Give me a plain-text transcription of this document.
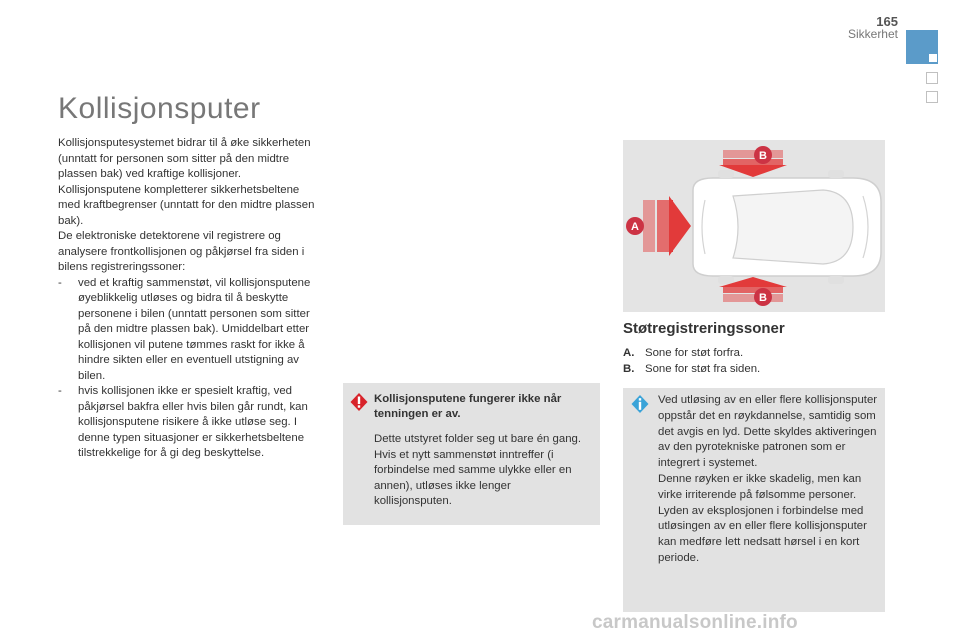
165
Sikkerhet
Kollisjonsputer

Kollisjonsputesystemet bidrar til å øke sikkerheten (unntatt for personen som sitter på den midtre plassen bak) ved kraftige kollisjoner. Kollisjonsputene kompletterer sikkerhetsbeltene med kraftbegrenser (unntatt for den midtre plassen bak).

De elektroniske detektorene vil registrere og analysere frontkollisjonen og påkjørsel fra siden i bilens registreringssoner:

- ved et kraftig sammenstøt, vil kollisjonsputene øyeblikkelig utløses og bidra til å beskytte personene i bilen (unntatt personen som sitter på den midtre plassen bak). Umiddelbart etter kollisjonen vil putene tømmes raskt for ikke å hindre sikten eller en eventuell utstigning av bilen.
- hvis kollisjonen ikke er spesielt kraftig, ved påkjørsel bakfra eller hvis bilen går rundt, kan kollisjonsputene risikere å ikke utløse seg. I denne typen situasjoner er sikkerhetsbeltene tilstrekkelige for å gi deg beskyttelse.
Kollisjonsputene fungerer ikke når tenningen er av.
Dette utstyret folder seg ut bare én gang. Hvis et nytt sammenstøt inntreffer (i forbindelse med samme ulykke eller en annen), utløses ikke lenger kollisjonsputen.
A
B
B
Støtregistreringssoner
A. Sone for støt forfra.
B. Sone for støt fra siden.
Ved utløsing av en eller flere kollisjonsputer oppstår det en røykdannelse, samtidig som det avgis en lyd. Dette skyldes aktiveringen av den pyrotekniske patronen som er integrert i systemet.
Denne røyken er ikke skadelig, men kan virke irriterende på følsomme personer.
Lyden av eksplosjonen i forbindelse med utløsingen av en eller flere kollisjonsputer kan medføre lett nedsatt hørsel i en kort periode.
carmanualsonline.info
